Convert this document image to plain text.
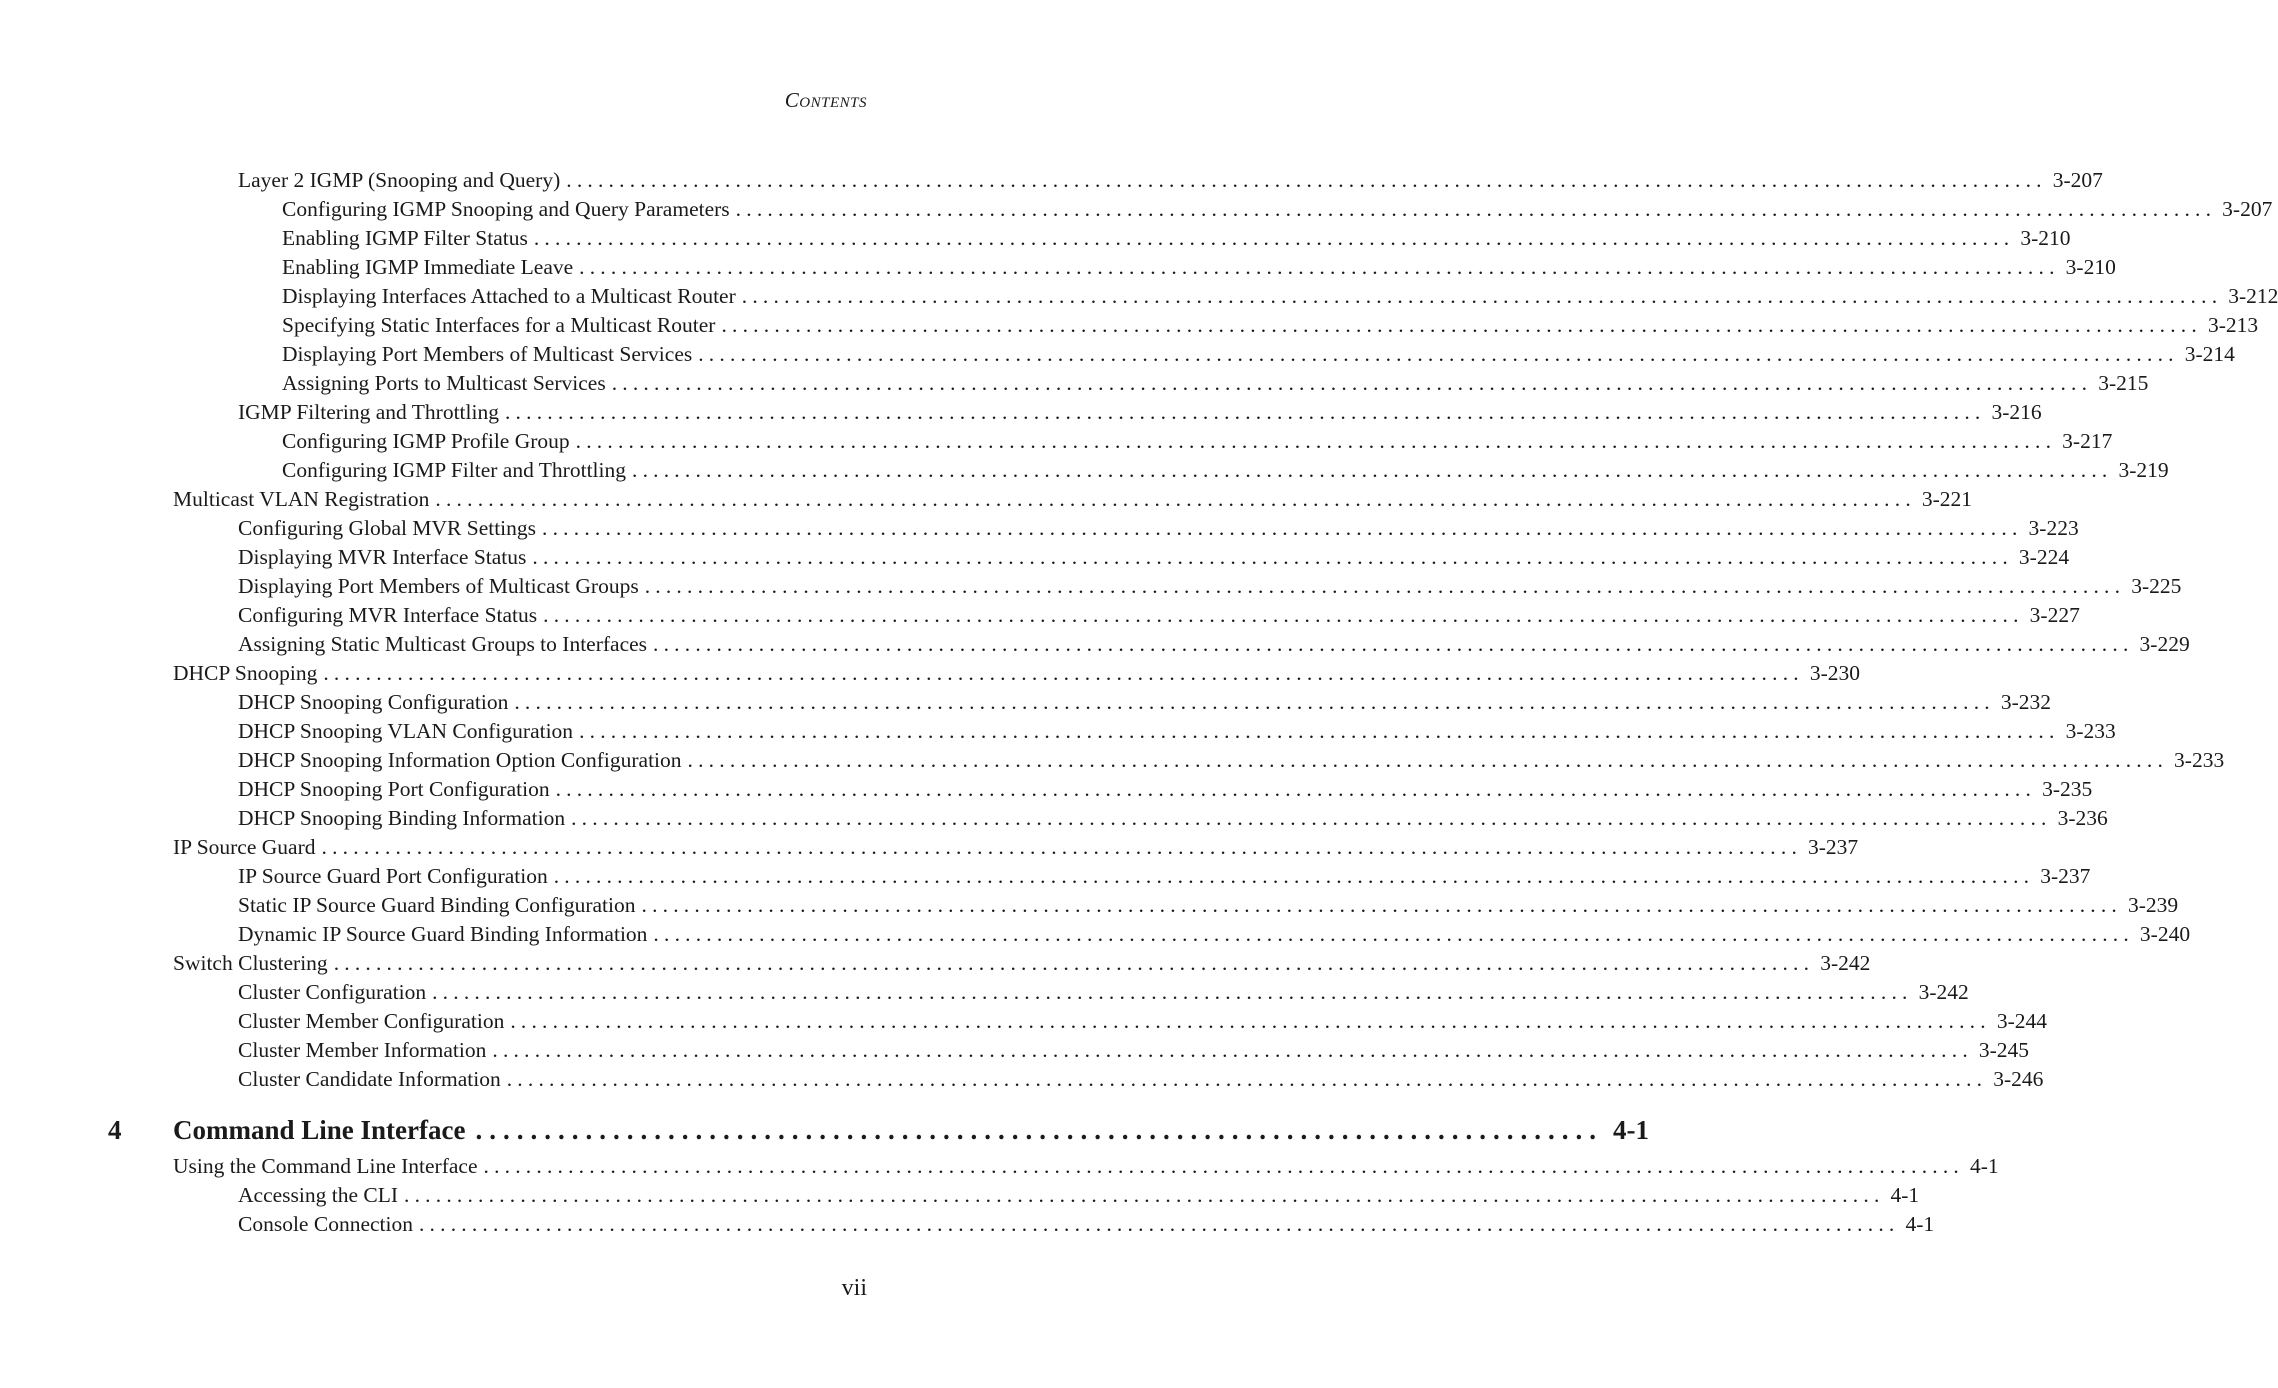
Contents
Layer 2 IGMP (Snooping and Query) ............................................................................................................................................ 3-207
Configuring IGMP Snooping and Query Parameters ............................................................................................................................................ 3-207
Enabling IGMP Filter Status ............................................................................................................................................ 3-210
Enabling IGMP Immediate Leave ............................................................................................................................................ 3-210
Displaying Interfaces Attached to a Multicast Router ............................................................................................................................................ 3-212
Specifying Static Interfaces for a Multicast Router ............................................................................................................................................ 3-213
Displaying Port Members of Multicast Services ............................................................................................................................................ 3-214
Assigning Ports to Multicast Services ............................................................................................................................................ 3-215
IGMP Filtering and Throttling ............................................................................................................................................ 3-216
Configuring IGMP Profile Group ............................................................................................................................................ 3-217
Configuring IGMP Filter and Throttling ............................................................................................................................................ 3-219
Multicast VLAN Registration ............................................................................................................................................ 3-221
Configuring Global MVR Settings ............................................................................................................................................ 3-223
Displaying MVR Interface Status ............................................................................................................................................ 3-224
Displaying Port Members of Multicast Groups ............................................................................................................................................ 3-225
Configuring MVR Interface Status ............................................................................................................................................ 3-227
Assigning Static Multicast Groups to Interfaces ............................................................................................................................................ 3-229
DHCP Snooping ............................................................................................................................................ 3-230
DHCP Snooping Configuration ............................................................................................................................................ 3-232
DHCP Snooping VLAN Configuration ............................................................................................................................................ 3-233
DHCP Snooping Information Option Configuration ............................................................................................................................................ 3-233
DHCP Snooping Port Configuration ............................................................................................................................................ 3-235
DHCP Snooping Binding Information ............................................................................................................................................ 3-236
IP Source Guard ............................................................................................................................................ 3-237
IP Source Guard Port Configuration ............................................................................................................................................ 3-237
Static IP Source Guard Binding Configuration ............................................................................................................................................ 3-239
Dynamic IP Source Guard Binding Information ............................................................................................................................................ 3-240
Switch Clustering ............................................................................................................................................ 3-242
Cluster Configuration ............................................................................................................................................ 3-242
Cluster Member Configuration ............................................................................................................................................ 3-244
Cluster Member Information ............................................................................................................................................ 3-245
Cluster Candidate Information ............................................................................................................................................ 3-246
4	Command Line Interface .................................................................................. 4-1
Using the Command Line Interface ............................................................................................................................................ 4-1
Accessing the CLI ............................................................................................................................................ 4-1
Console Connection ............................................................................................................................................ 4-1
vii
